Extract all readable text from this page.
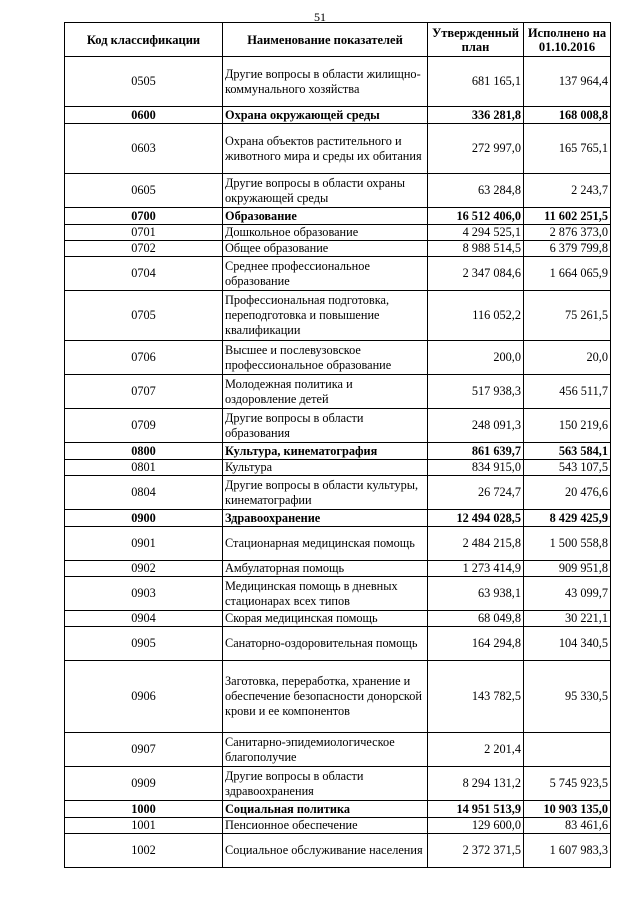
51
Код классификации	Наименование показателей	Утвержденный план	Исполнено на 01.10.2016
0505	Другие вопросы в области жилищно-коммунального хозяйства	681 165,1	137 964,4
0600	Охрана окружающей среды	336 281,8	168 008,8
0603	Охрана объектов растительного и животного мира и среды их обитания	272 997,0	165 765,1
0605	Другие вопросы в области охраны окружающей среды	63 284,8	2 243,7
0700	Образование	16 512 406,0	11 602 251,5
0701	Дошкольное образование	4 294 525,1	2 876 373,0
0702	Общее образование	8 988 514,5	6 379 799,8
0704	Среднее профессиональное образование	2 347 084,6	1 664 065,9
0705	Профессиональная подготовка, переподготовка и повышение квалификации	116 052,2	75 261,5
0706	Высшее и послевузовское профессиональное образование	200,0	20,0
0707	Молодежная политика и оздоровление детей	517 938,3	456 511,7
0709	Другие вопросы в области образования	248 091,3	150 219,6
0800	Культура, кинематография	861 639,7	563 584,1
0801	Культура	834 915,0	543 107,5
0804	Другие вопросы в области культуры, кинематографии	26 724,7	20 476,6
0900	Здравоохранение	12 494 028,5	8 429 425,9
0901	Стационарная медицинская помощь	2 484 215,8	1 500 558,8
0902	Амбулаторная помощь	1 273 414,9	909 951,8
0903	Медицинская помощь в дневных стационарах всех типов	63 938,1	43 099,7
0904	Скорая медицинская помощь	68 049,8	30 221,1
0905	Санаторно-оздоровительная помощь	164 294,8	104 340,5
0906	Заготовка, переработка, хранение и обеспечение безопасности донорской крови и ее компонентов	143 782,5	95 330,5
0907	Санитарно-эпидемиологическое благополучие	2 201,4	
0909	Другие вопросы в области здравоохранения	8 294 131,2	5 745 923,5
1000	Социальная политика	14 951 513,9	10 903 135,0
1001	Пенсионное обеспечение	129 600,0	83 461,6
1002	Социальное обслуживание населения	2 372 371,5	1 607 983,3
